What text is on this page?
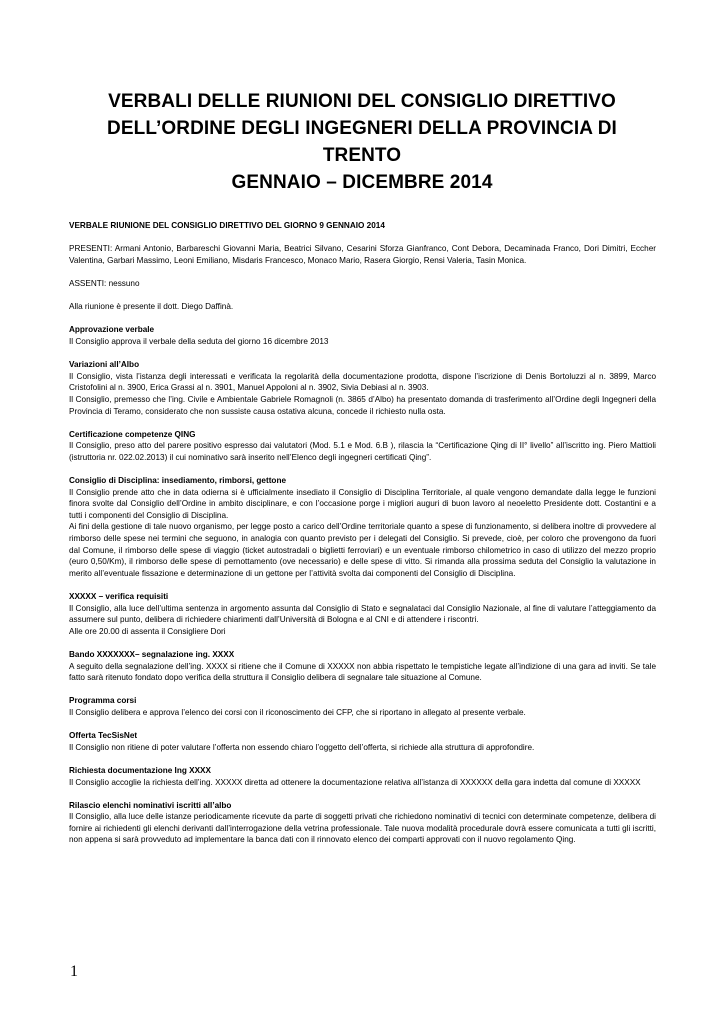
VERBALI DELLE RIUNIONI DEL CONSIGLIO DIRETTIVO
DELL’ORDINE DEGLI INGEGNERI DELLA PROVINCIA DI TRENTO
GENNAIO – DICEMBRE 2014

VERBALE RIUNIONE DEL CONSIGLIO DIRETTIVO DEL GIORNO 9 GENNAIO 2014

PRESENTI: Armani Antonio, Barbareschi Giovanni Maria, Beatrici Silvano, Cesarini Sforza Gianfranco, Cont Debora, Decaminada Franco, Dori Dimitri, Eccher Valentina, Garbari Massimo, Leoni Emiliano, Misdaris Francesco, Monaco Mario, Rasera Giorgio, Rensi Valeria, Tasin Monica.

ASSENTI: nessuno

Alla riunione è presente il dott. Diego Daffinà.

Approvazione verbale

Il Consiglio approva il verbale della seduta del giorno 16 dicembre 2013

Variazioni all’Albo

Il Consiglio, vista l’istanza degli interessati e verificata la regolarità della documentazione prodotta, dispone l’iscrizione di Denis Bortoluzzi al n. 3899, Marco Cristofolini al n. 3900, Erica Grassi al n. 3901, Manuel Appoloni al n. 3902, Sivia Debiasi al n. 3903.

Il Consiglio, premesso che l’ing. Civile e Ambientale Gabriele Romagnoli (n. 3865 d’Albo) ha presentato domanda di trasferimento all’Ordine degli Ingegneri della Provincia di Teramo, considerato che non sussiste causa ostativa alcuna, concede il richiesto nulla osta.

Certificazione competenze QING

Il Consiglio, preso atto del parere positivo espresso dai valutatori (Mod. 5.1 e Mod. 6.B ), rilascia la “Certificazione Qing di II° livello” all’iscritto ing. Piero Mattioli (istruttoria nr. 022.02.2013) il cui nominativo sarà inserito nell’Elenco degli ingegneri certificati Qing”.

Consiglio di Disciplina: insediamento, rimborsi, gettone

Il Consiglio prende atto che in data odierna si è ufficialmente insediato il Consiglio di Disciplina Territoriale, al quale vengono demandate dalla legge le funzioni finora svolte dal Consiglio dell’Ordine in ambito disciplinare, e con l’occasione porge i migliori auguri di buon lavoro al neoeletto Presidente dott. Costantini e a tutti i componenti del Consiglio di Disciplina.

Ai fini della gestione di tale nuovo organismo, per legge posto a carico dell’Ordine territoriale quanto a spese di funzionamento, si delibera inoltre di provvedere al rimborso delle spese nei termini che seguono, in analogia con quanto previsto per i delegati del Consiglio. Si prevede, cioè, per coloro che provengono da fuori dal Comune, il rimborso delle spese di viaggio (ticket autostradali o biglietti ferroviari) e un eventuale rimborso chilometrico in caso di utilizzo del mezzo proprio (euro 0,50/Km), il rimborso delle spese di pernottamento (ove necessario) e delle spese di vitto. Si rimanda alla prossima seduta del Consiglio la valutazione in merito all’eventuale fissazione e determinazione di un gettone per l’attività svolta dai componenti del Consiglio di Disciplina.

XXXXX – verifica requisiti

Il Consiglio, alla luce dell’ultima sentenza in argomento assunta dal Consiglio di Stato e segnalataci dal Consiglio Nazionale, al fine di valutare l’atteggiamento da assumere sul punto, delibera di richiedere chiarimenti dall’Università di Bologna e al CNI e di attendere i riscontri.

Alle ore 20.00 di assenta il Consigliere Dori

Bando XXXXXXX– segnalazione ing. XXXX

A seguito della segnalazione dell’ing. XXXX si ritiene che il Comune di XXXXX non abbia rispettato le tempistiche legate all’indizione di una gara ad inviti. Se tale fatto sarà ritenuto fondato dopo verifica della struttura il Consiglio delibera di segnalare tale situazione al Comune.

Programma corsi

Il Consiglio delibera e approva l’elenco dei corsi con il riconoscimento dei CFP, che si riportano in allegato al presente verbale.

Offerta TecSisNet

Il Consiglio non ritiene di poter valutare l’offerta non essendo chiaro l’oggetto dell’offerta, si richiede alla struttura di approfondire.

Richiesta documentazione Ing XXXX

Il Consiglio accoglie la richiesta dell’ing. XXXXX diretta ad ottenere la documentazione relativa all’istanza di XXXXXX della gara indetta dal comune di XXXXX

Rilascio elenchi nominativi iscritti all’albo

Il Consiglio, alla luce delle istanze periodicamente ricevute da parte di soggetti privati che richiedono nominativi di tecnici con determinate competenze, delibera di fornire ai richiedenti gli elenchi derivanti dall’interrogazione della vetrina professionale. Tale nuova modalità procedurale dovrà essere comunicata a tutti gli iscritti, non appena si sarà provveduto ad implementare la banca dati con il rinnovato elenco dei comparti approvati con il nuovo regolamento Qing.

1
